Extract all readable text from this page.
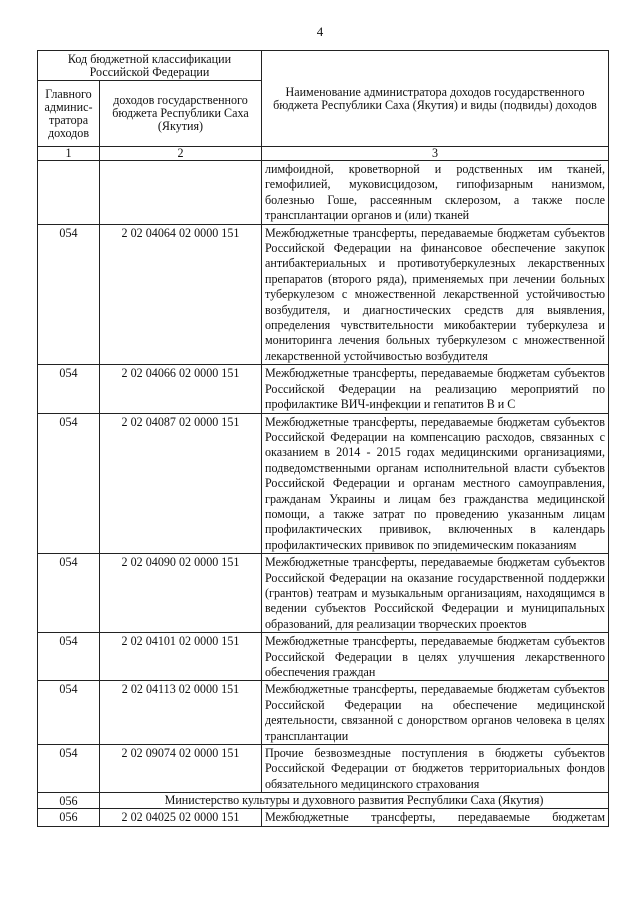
4
Код бюджетной классификации Российской Федерации		Наименование администратора доходов государственного бюджета Республики Саха (Якутия) и виды (подвиды) доходов
Главного админис-тратора доходов	доходов государственного бюджета Республики Саха (Якутия)	
1	2	3
		лимфоидной, кроветворной и родственных им тканей, гемофилией, муковисцидозом, гипофизарным нанизмом, болезнью Гоше, рассеянным склерозом, а также после трансплантации органов и (или) тканей
054	2 02 04064 02 0000 151	Межбюджетные трансферты, передаваемые бюджетам субъектов Российской Федерации на финансовое обеспечение закупок антибактериальных и противотуберкулезных лекарственных препаратов (второго ряда), применяемых при лечении больных туберкулезом с множественной лекарственной устойчивостью возбудителя, и диагностических средств для выявления, определения чувствительности микобактерии туберкулеза и мониторинга лечения больных туберкулезом с множественной лекарственной устойчивостью возбудителя
054	2 02 04066 02 0000 151	Межбюджетные трансферты, передаваемые бюджетам субъектов Российской Федерации на реализацию мероприятий по профилактике ВИЧ-инфекции и гепатитов В и С
054	2 02 04087 02 0000 151	Межбюджетные трансферты, передаваемые бюджетам субъектов Российской Федерации на компенсацию расходов, связанных с оказанием в 2014 - 2015 годах медицинскими организациями, подведомственными органам исполнительной власти субъектов Российской Федерации и органам местного самоуправления, гражданам Украины и лицам без гражданства медицинской помощи, а также затрат по проведению указанным лицам профилактических прививок, включенных в календарь профилактических прививок по эпидемическим показаниям
054	2 02 04090 02 0000 151	Межбюджетные трансферты, передаваемые бюджетам субъектов Российской Федерации на оказание государственной поддержки (грантов) театрам и музыкальным организациям, находящимся в ведении субъектов Российской Федерации и муниципальных образований, для реализации творческих проектов
054	2 02 04101 02 0000 151	Межбюджетные трансферты, передаваемые бюджетам субъектов Российской Федерации в целях улучшения лекарственного обеспечения граждан
054	2 02 04113 02 0000 151	Межбюджетные трансферты, передаваемые бюджетам субъектов Российской Федерации на обеспечение медицинской деятельности, связанной с донорством органов человека в целях трансплантации
054	2 02 09074 02 0000 151	Прочие безвозмездные поступления в бюджеты субъектов Российской Федерации от бюджетов территориальных фондов обязательного медицинского страхования
056	Министерство культуры и духовного развития Республики Саха (Якутия)	
056	2 02 04025 02 0000 151	Межбюджетные трансферты, передаваемые бюджетам
